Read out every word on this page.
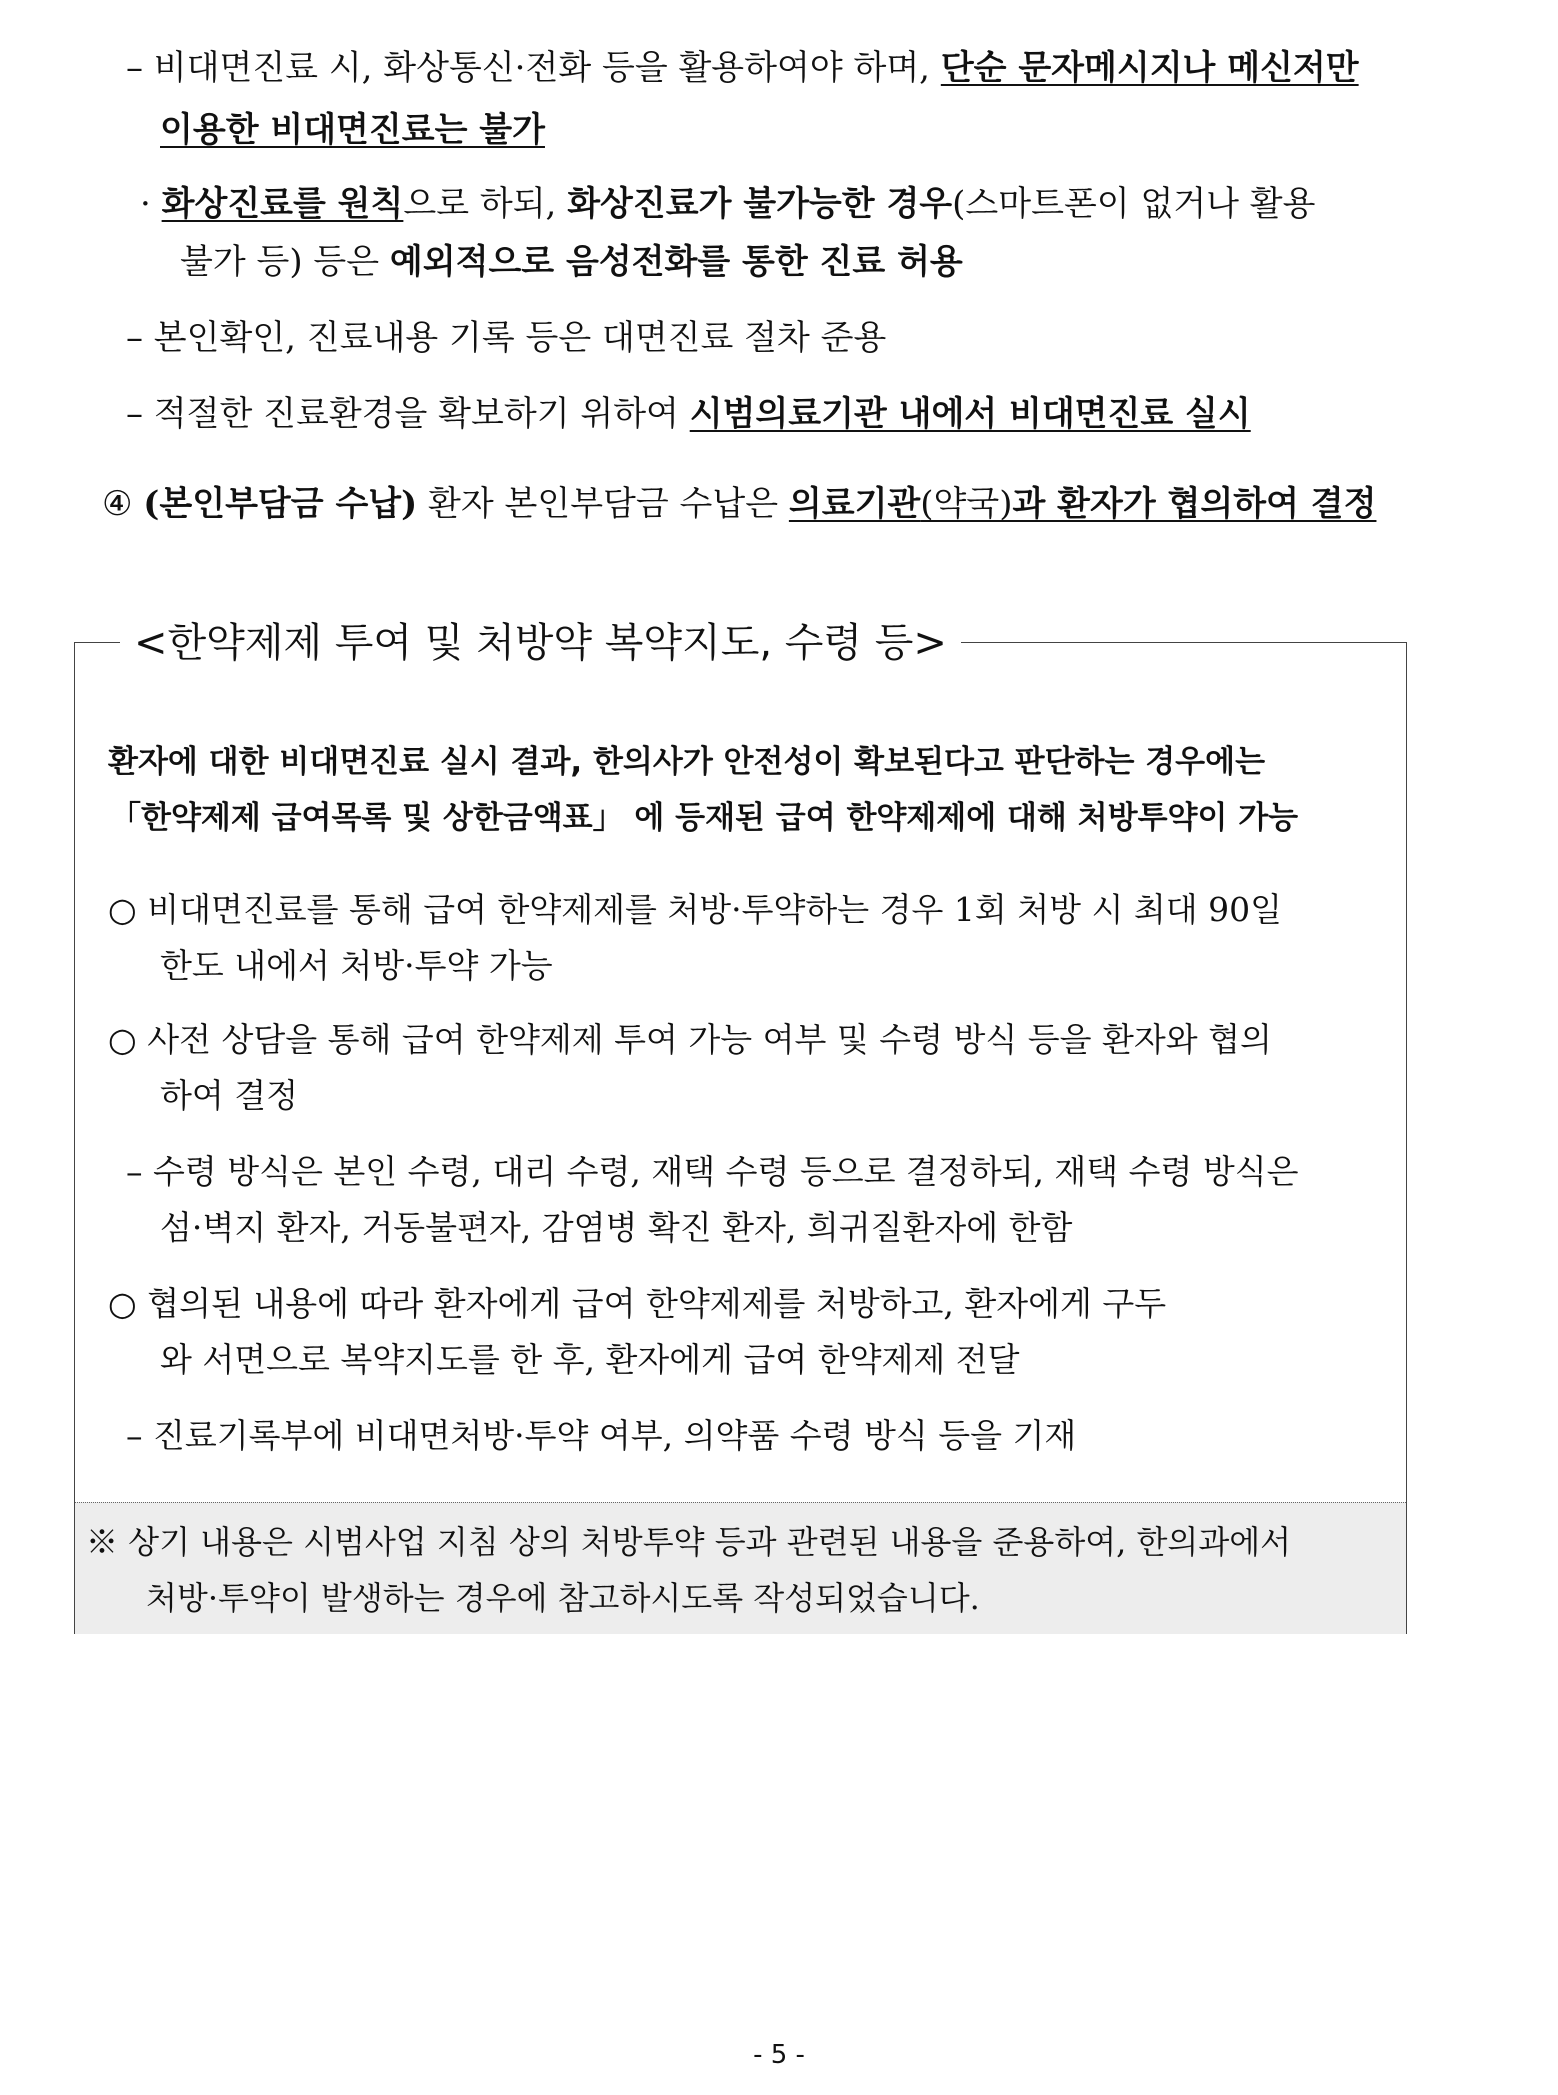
– 비대면진료 시, 화상통신·전화 등을 활용하여야 하며, 단순 문자메시지나 메신저만
이용한 비대면진료는 불가
· 화상진료를 원칙으로 하되, 화상진료가 불가능한 경우(스마트폰이 없거나 활용
불가 등) 등은 예외적으로 음성전화를 통한 진료 허용
– 본인확인, 진료내용 기록 등은 대면진료 절차 준용
– 적절한 진료환경을 확보하기 위하여 시범의료기관 내에서 비대면진료 실시
④ (본인부담금 수납) 환자 본인부담금 수납은 의료기관(약국)과 환자가 협의하여 결정
<한약제제 투여 및 처방약 복약지도, 수령 등>
환자에 대한 비대면진료 실시 결과, 한의사가 안전성이 확보된다고 판단하는 경우에는
「한약제제 급여목록 및 상한금액표」 에 등재된 급여 한약제제에 대해 처방투약이 가능
○ 비대면진료를 통해 급여 한약제제를 처방·투약하는 경우 1회 처방 시 최대 90일
한도 내에서 처방·투약 가능
○ 사전 상담을 통해 급여 한약제제 투여 가능 여부 및 수령 방식 등을 환자와 협의
하여 결정
– 수령 방식은 본인 수령, 대리 수령, 재택 수령 등으로 결정하되, 재택 수령 방식은
섬·벽지 환자, 거동불편자, 감염병 확진 환자, 희귀질환자에 한함
○ 협의된 내용에 따라 환자에게 급여 한약제제를 처방하고, 환자에게 구두
와 서면으로 복약지도를 한 후, 환자에게 급여 한약제제 전달
– 진료기록부에 비대면처방·투약 여부, 의약품 수령 방식 등을 기재
※ 상기 내용은 시범사업 지침 상의 처방투약 등과 관련된 내용을 준용하여, 한의과에서
처방·투약이 발생하는 경우에 참고하시도록 작성되었습니다.
- 5 -
